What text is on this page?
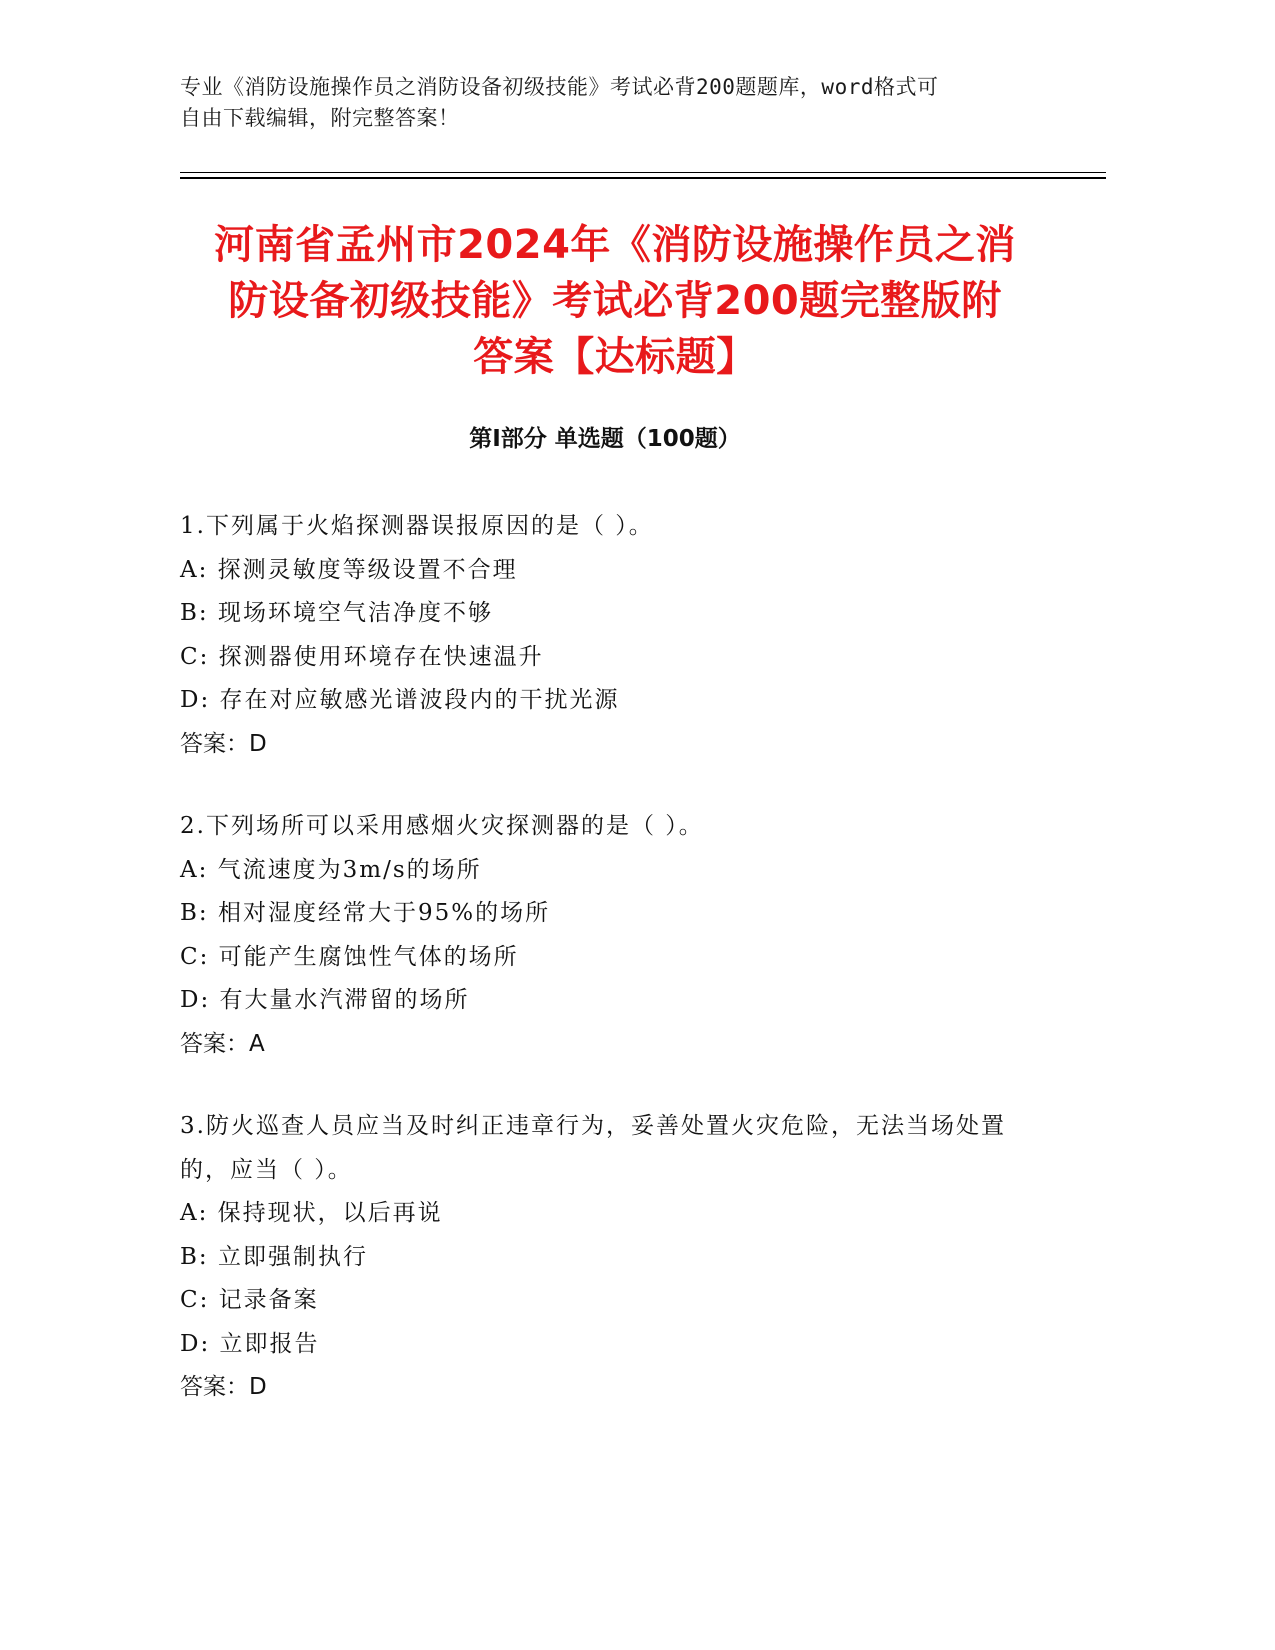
专业《消防设施操作员之消防设备初级技能》考试必背200题题库，word格式可
自由下载编辑，附完整答案！
河南省孟州市2024年《消防设施操作员之消
防设备初级技能》考试必背200题完整版附
答案【达标题】
第I部分 单选题（100题）
1.下列属于火焰探测器误报原因的是（ ）。
A: 探测灵敏度等级设置不合理
B: 现场环境空气洁净度不够
C: 探测器使用环境存在快速温升
D: 存在对应敏感光谱波段内的干扰光源
答案：D
2.下列场所可以采用感烟火灾探测器的是（ ）。
A: 气流速度为3m/s的场所
B: 相对湿度经常大于95%的场所
C: 可能产生腐蚀性气体的场所
D: 有大量水汽滞留的场所
答案：A
3.防火巡查人员应当及时纠正违章行为，妥善处置火灾危险，无法当场处置的，应当（ ）。
A: 保持现状，以后再说
B: 立即强制执行
C: 记录备案
D: 立即报告
答案：D
